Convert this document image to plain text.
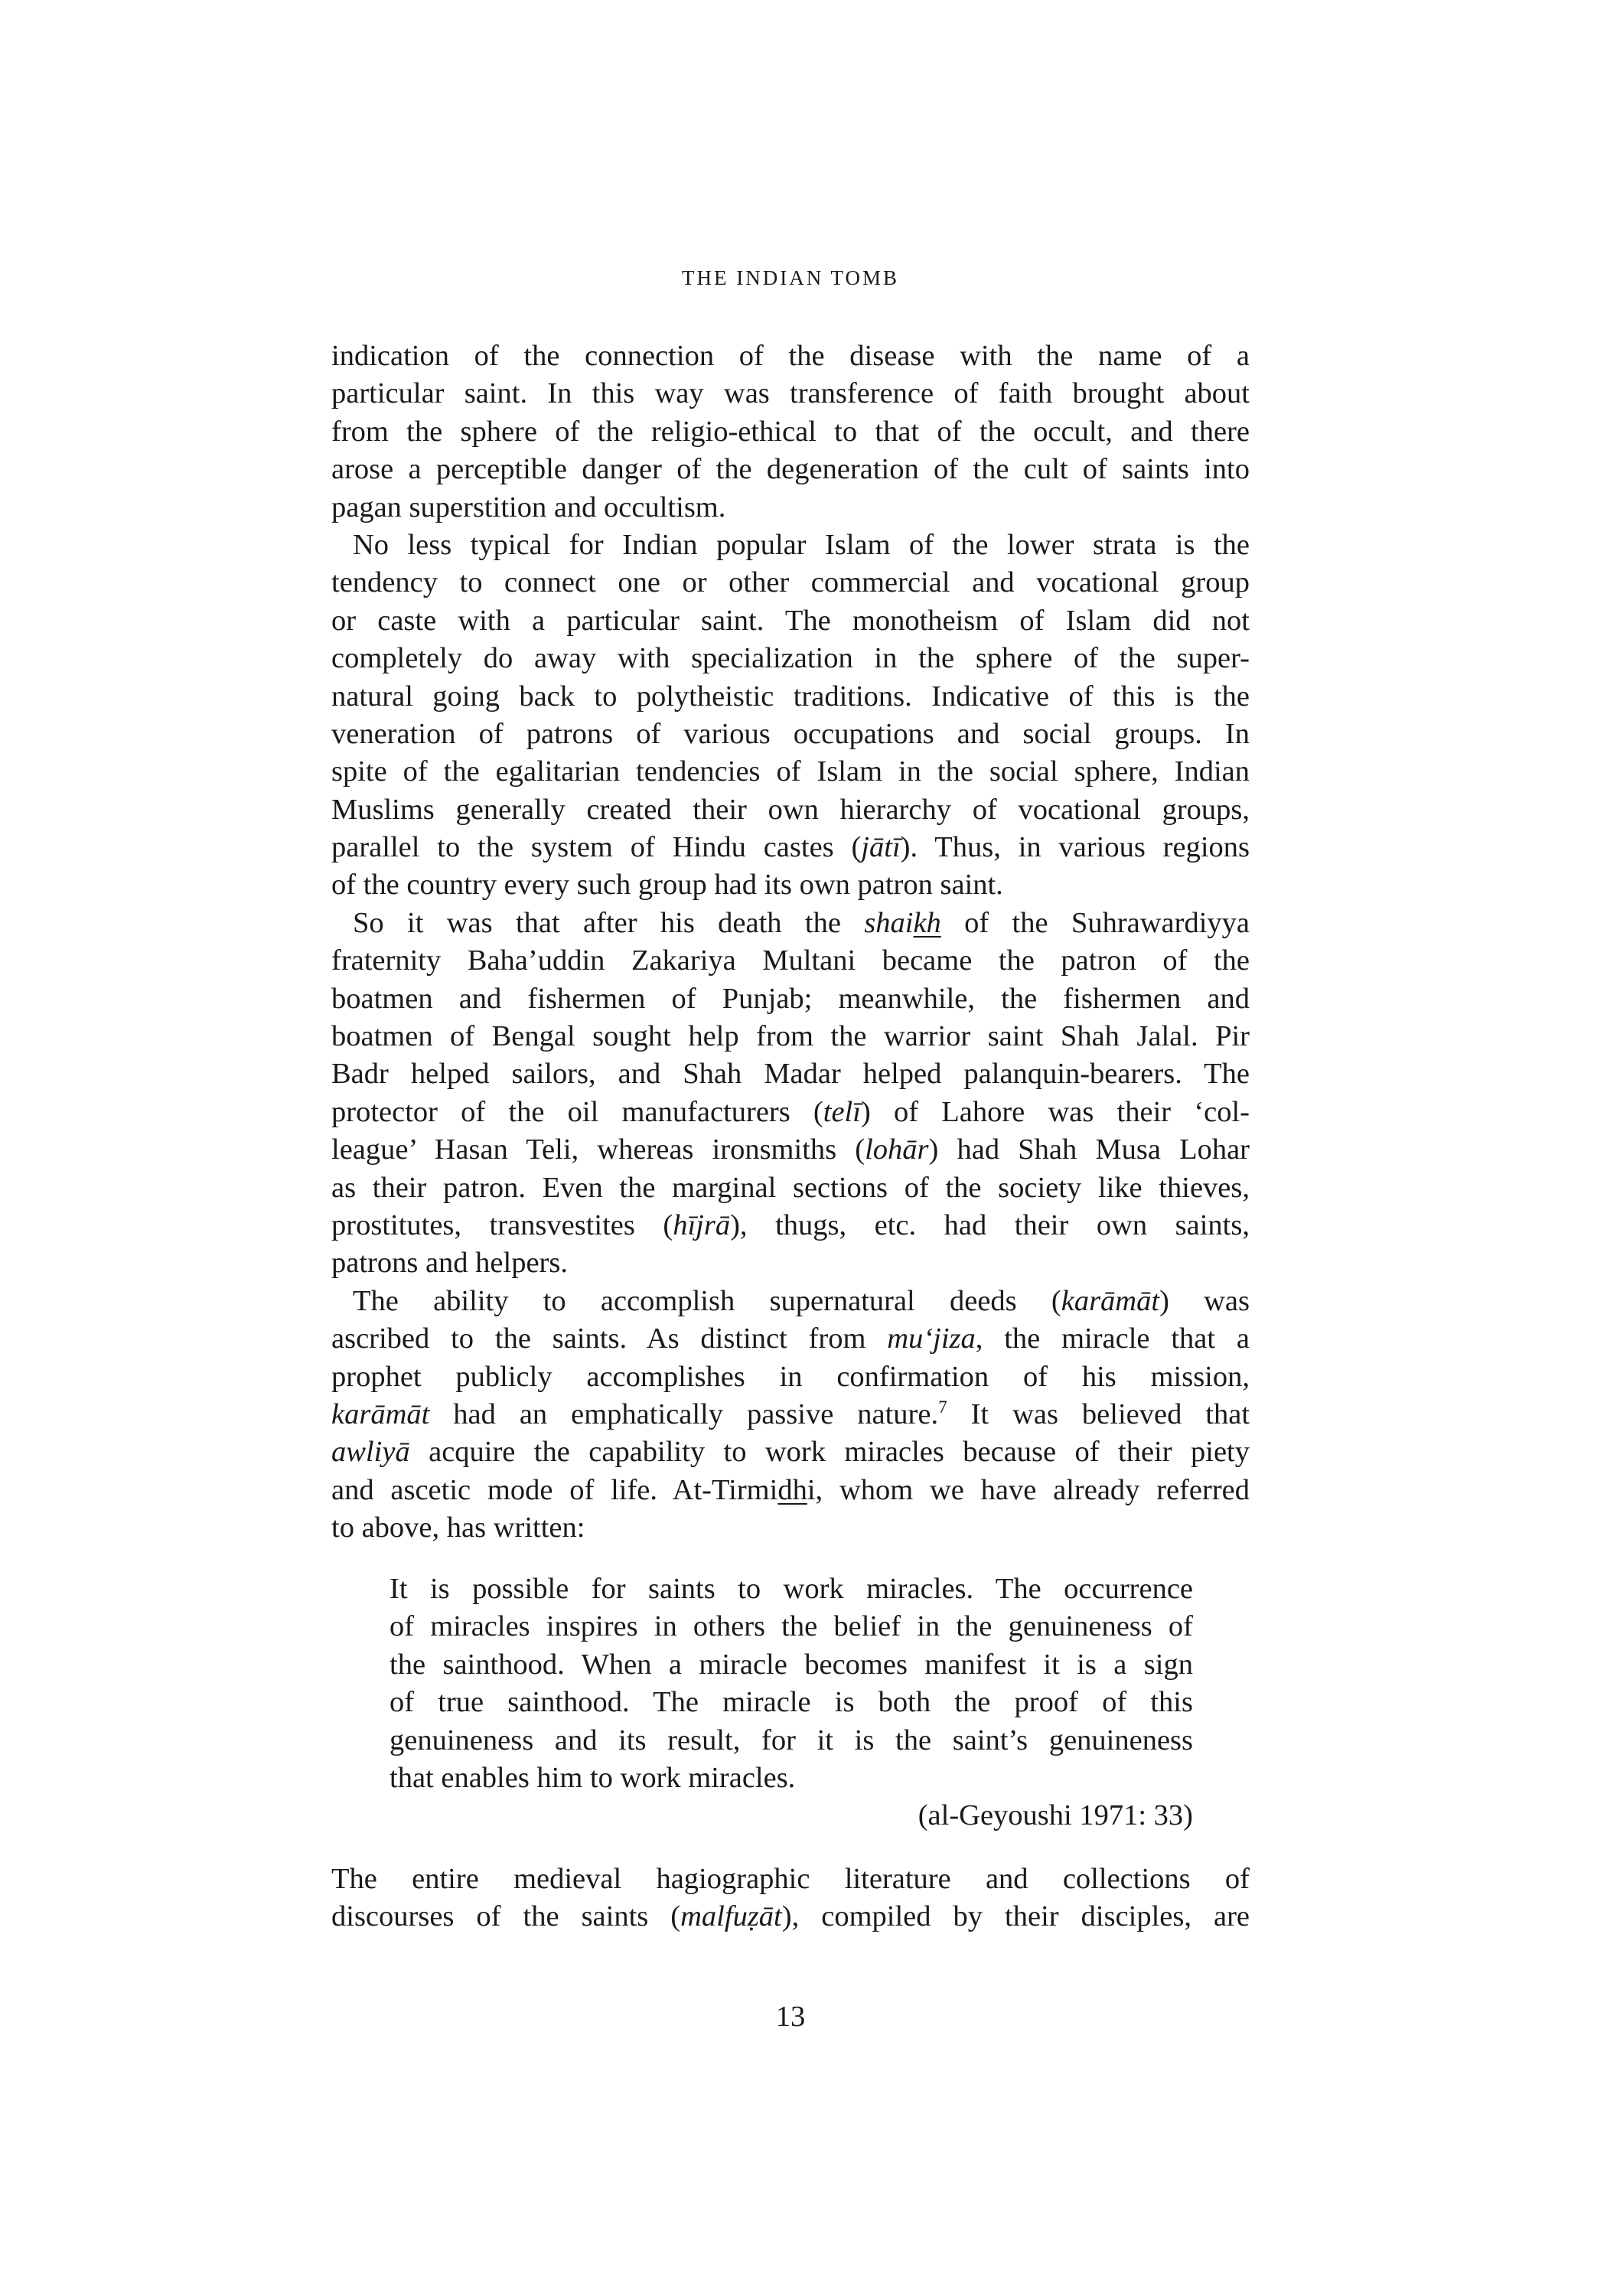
THE INDIAN TOMB
indication of the connection of the disease with the name of a
particular saint. In this way was transference of faith brought about
from the sphere of the religio-ethical to that of the occult, and there
arose a perceptible danger of the degeneration of the cult of saints into
pagan superstition and occultism.
No less typical for Indian popular Islam of the lower strata is the
tendency to connect one or other commercial and vocational group
or caste with a particular saint. The monotheism of Islam did not
completely do away with specialization in the sphere of the super-
natural going back to polytheistic traditions. Indicative of this is the
veneration of patrons of various occupations and social groups. In
spite of the egalitarian tendencies of Islam in the social sphere, Indian
Muslims generally created their own hierarchy of vocational groups,
parallel to the system of Hindu castes (jātī). Thus, in various regions
of the country every such group had its own patron saint.
So it was that after his death the shaikh of the Suhrawardiyya
fraternity Baha’uddin Zakariya Multani became the patron of the
boatmen and fishermen of Punjab; meanwhile, the fishermen and
boatmen of Bengal sought help from the warrior saint Shah Jalal. Pir
Badr helped sailors, and Shah Madar helped palanquin-bearers. The
protector of the oil manufacturers (telī) of Lahore was their ‘col-
league’ Hasan Teli, whereas ironsmiths (lohār) had Shah Musa Lohar
as their patron. Even the marginal sections of the society like thieves,
prostitutes, transvestites (hījrā), thugs, etc. had their own saints,
patrons and helpers.
The ability to accomplish supernatural deeds (karāmāt) was
ascribed to the saints. As distinct from mu‘jiza, the miracle that a
prophet publicly accomplishes in confirmation of his mission,
karāmāt had an emphatically passive nature.$^7$ It was believed that
awliyā acquire the capability to work miracles because of their piety
and ascetic mode of life. At-Tirmidhi, whom we have already referred
to above, has written:
It is possible for saints to work miracles. The occurrence
of miracles inspires in others the belief in the genuineness of
the sainthood. When a miracle becomes manifest it is a sign
of true sainthood. The miracle is both the proof of this
genuineness and its result, for it is the saint’s genuineness
that enables him to work miracles.
(al-Geyoushi 1971: 33)
The entire medieval hagiographic literature and collections of
discourses of the saints (malfuẓāt), compiled by their disciples, are
13
